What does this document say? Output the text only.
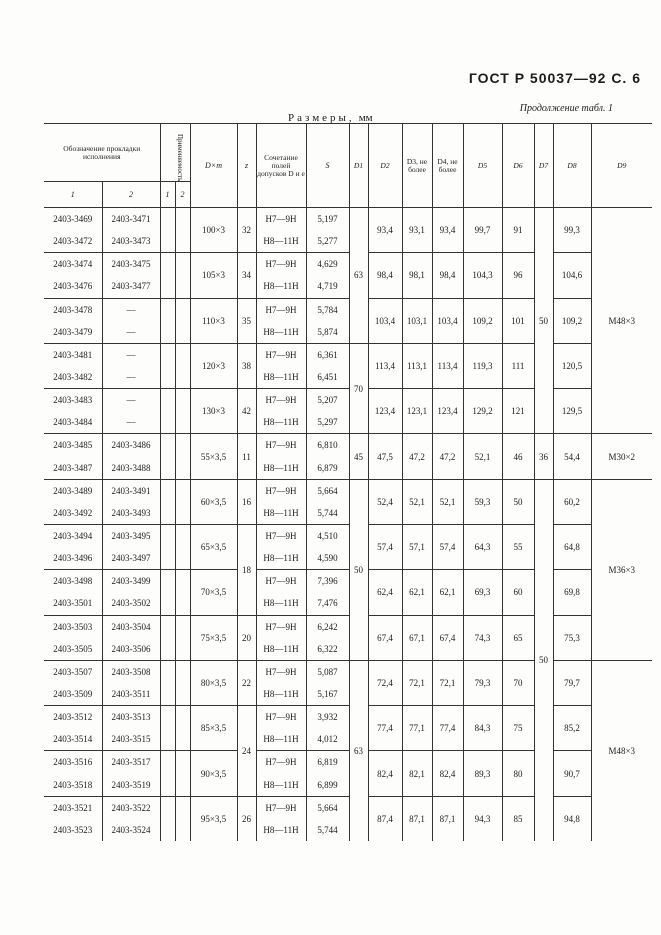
ГОСТ Р 50037—92 С. 6
Продолжение табл. 1
Размеры, мм
Обозначение прокладки исполнения		Применяемость		D×m	z	Сочетание полей допусков D и e	S	D1	D2	D3, не более	D4, не более	D5	D6	D7	D8	D9
1	2	1	2													
2403-3469	2403-3471			100×3	32	H7—9H	5,197	63	93,4	93,1	93,4	99,7	91	50	99,3	M48×3
2403-3472	2403-3473					H8—11H	5,277									
2403-3474	2403-3475			105×3	34	H7—9H	4,629		98,4	98,1	98,4	104,3	96		104,6	
2403-3476	2403-3477					H8—11H	4,719									
2403-3478	—			110×3	35	H7—9H	5,784		103,4	103,1	103,4	109,2	101		109,2	
2403-3479	—					H8—11H	5,874									
2403-3481	—			120×3	38	H7—9H	6,361	70	113,4	113,1	113,4	119,3	111		120,5	
2403-3482	—					H8—11H	6,451									
2403-3483	—			130×3	42	H7—9H	5,207		123,4	123,1	123,4	129,2	121		129,5	
2403-3484	—					H8—11H	5,297									
2403-3485	2403-3486			55×3,5	11	H7—9H	6,810	45	47,5	47,2	47,2	52,1	46	36	54,4	M30×2
2403-3487	2403-3488					H8—11H	6,879									
2403-3489	2403-3491			60×3,5	16	H7—9H	5,664	50	52,4	52,1	52,1	59,3	50	50	60,2	M36×3
2403-3492	2403-3493					H8—11H	5,744									
2403-3494	2403-3495			65×3,5	18	H7—9H	4,510		57,4	57,1	57,4	64,3	55		64,8	
2403-3496	2403-3497					H8—11H	4,590									
2403-3498	2403-3499			70×3,5		H7—9H	7,396		62,4	62,1	62,1	69,3	60		69,8	
2403-3501	2403-3502					H8—11H	7,476									
2403-3503	2403-3504			75×3,5	20	H7—9H	6,242		67,4	67,1	67,4	74,3	65		75,3	
2403-3505	2403-3506					H8—11H	6,322									
2403-3507	2403-3508			80×3,5	22	H7—9H	5,087	63	72,4	72,1	72,1	79,3	70		79,7	M48×3
2403-3509	2403-3511					H8—11H	5,167									
2403-3512	2403-3513			85×3,5	24	H7—9H	3,932		77,4	77,1	77,4	84,3	75		85,2	
2403-3514	2403-3515					H8—11H	4,012									
2403-3516	2403-3517			90×3,5		H7—9H	6,819		82,4	82,1	82,4	89,3	80		90,7	
2403-3518	2403-3519					H8—11H	6,899									
2403-3521	2403-3522			95×3,5	26	H7—9H	5,664		87,4	87,1	87,1	94,3	85		94,8	
2403-3523	2403-3524					H8—11H	5,744									
